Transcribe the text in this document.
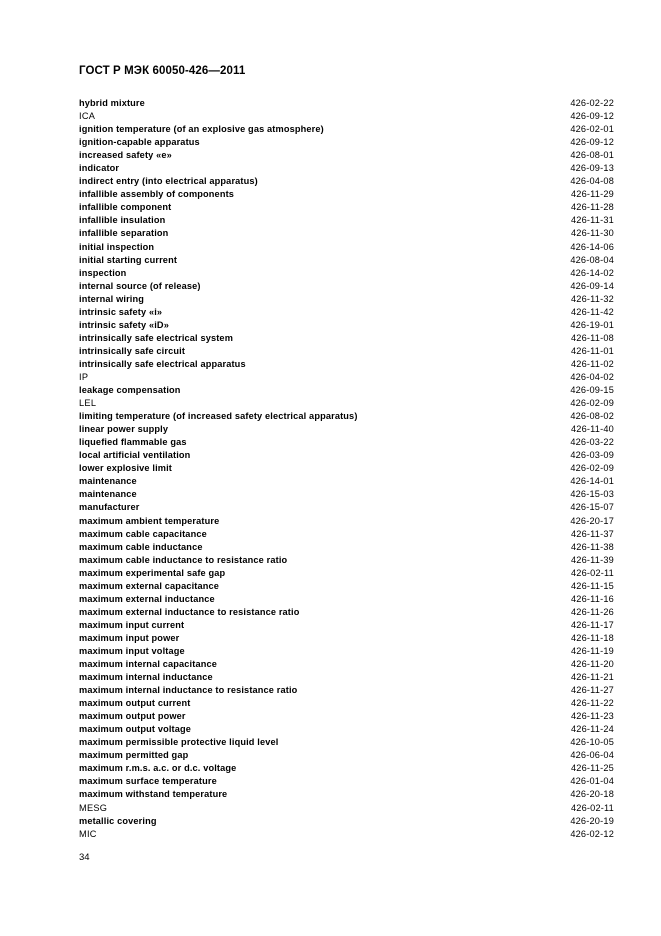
ГОСТ Р МЭК 60050-426—2011
hybrid mixture	426-02-22
ICA	426-09-12
ignition temperature (of an explosive gas atmosphere)	426-02-01
ignition-capable apparatus	426-09-12
increased safety «e»	426-08-01
indicator	426-09-13
indirect entry (into electrical apparatus)	426-04-08
infallible assembly of components	426-11-29
infallible component	426-11-28
infallible insulation	426-11-31
infallible separation	426-11-30
initial inspection	426-14-06
initial starting current	426-08-04
inspection	426-14-02
internal source (of release)	426-09-14
internal wiring	426-11-32
intrinsic safety «i»	426-11-42
intrinsic safety «iD»	426-19-01
intrinsically safe electrical system	426-11-08
intrinsically safe circuit	426-11-01
intrinsically safe electrical apparatus	426-11-02
IP	426-04-02
leakage compensation	426-09-15
LEL	426-02-09
limiting temperature (of increased safety electrical apparatus)	426-08-02
linear power supply	426-11-40
liquefied flammable gas	426-03-22
local artificial ventilation	426-03-09
lower explosive limit	426-02-09
maintenance	426-14-01
maintenance	426-15-03
manufacturer	426-15-07
maximum ambient temperature	426-20-17
maximum cable capacitance	426-11-37
maximum cable inductance	426-11-38
maximum cable inductance to resistance ratio	426-11-39
maximum experimental safe gap	426-02-11
maximum external capacitance	426-11-15
maximum external inductance	426-11-16
maximum external inductance to resistance ratio	426-11-26
maximum input current	426-11-17
maximum input power	426-11-18
maximum input voltage	426-11-19
maximum internal capacitance	426-11-20
maximum internal inductance	426-11-21
maximum internal inductance to resistance ratio	426-11-27
maximum output current	426-11-22
maximum output power	426-11-23
maximum output voltage	426-11-24
maximum permissible protective liquid level	426-10-05
maximum permitted gap	426-06-04
maximum r.m.s. a.c. or d.c. voltage	426-11-25
maximum surface temperature	426-01-04
maximum withstand temperature	426-20-18
MESG	426-02-11
metallic covering	426-20-19
MIC	426-02-12
34
